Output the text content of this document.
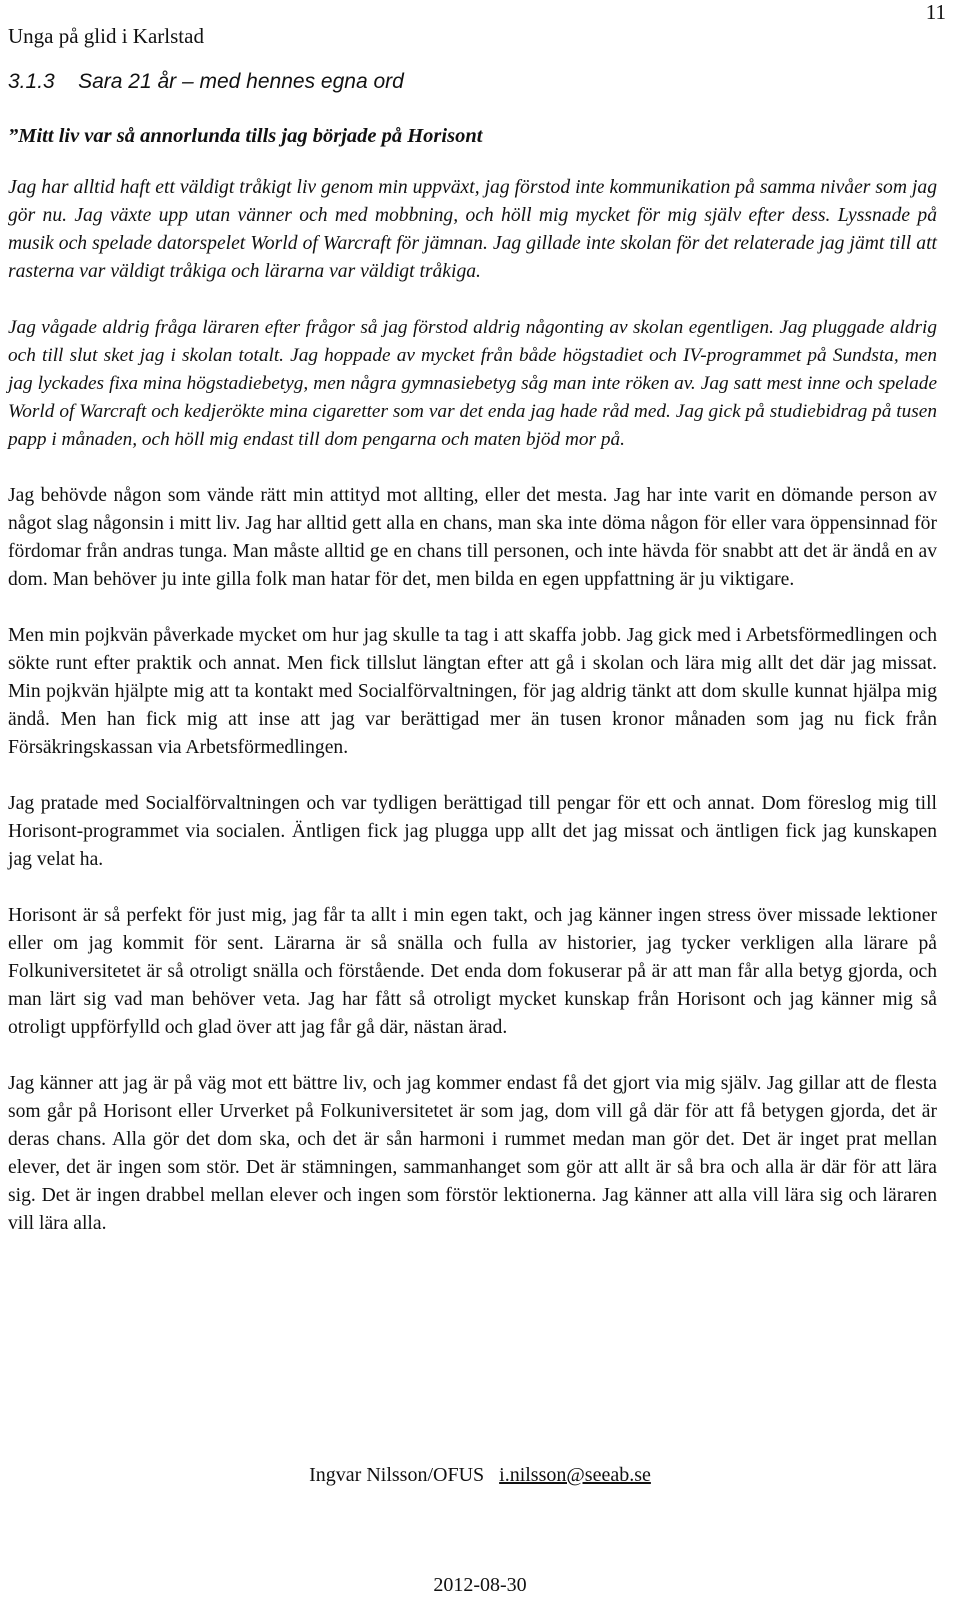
Unga på glid i Karlstad
11
3.1.3 Sara 21 år – med hennes egna ord
”Mitt liv var så annorlunda tills jag började på Horisont

Jag har alltid haft ett väldigt tråkigt liv genom min uppväxt, jag förstod inte kommunikation på samma nivåer som jag gör nu. Jag växte upp utan vänner och med mobbning, och höll mig mycket för mig själv efter dess. Lyssnade på musik och spelade datorspelet World of Warcraft för jämnan. Jag gillade inte skolan för det relaterade jag jämt till att rasterna var väldigt tråkiga och lärarna var väldigt tråkiga.

Jag vågade aldrig fråga läraren efter frågor så jag förstod aldrig någonting av skolan egentligen. Jag pluggade aldrig och till slut sket jag i skolan totalt. Jag hoppade av mycket från både högstadiet och IV-programmet på Sundsta, men jag lyckades fixa mina högstadiebetyg, men några gymnasiebetyg såg man inte röken av. Jag satt mest inne och spelade World of Warcraft och kedjerökte mina cigaretter som var det enda jag hade råd med. Jag gick på studiebidrag på tusen papp i månaden, och höll mig endast till dom pengarna och maten bjöd mor på.

Jag behövde någon som vände rätt min attityd mot allting, eller det mesta. Jag har inte varit en dömande person av något slag någonsin i mitt liv. Jag har alltid gett alla en chans, man ska inte döma någon för eller vara öppensinnad för fördomar från andras tunga. Man måste alltid ge en chans till personen, och inte hävda för snabbt att det är ändå en av dom. Man behöver ju inte gilla folk man hatar för det, men bilda en egen uppfattning är ju viktigare.

Men min pojkvän påverkade mycket om hur jag skulle ta tag i att skaffa jobb. Jag gick med i Arbetsförmedlingen och sökte runt efter praktik och annat. Men fick tillslut längtan efter att gå i skolan och lära mig allt det där jag missat. Min pojkvän hjälpte mig att ta kontakt med Socialförvaltningen, för jag aldrig tänkt att dom skulle kunnat hjälpa mig ändå. Men han fick mig att inse att jag var berättigad mer än tusen kronor månaden som jag nu fick från Försäkringskassan via Arbetsförmedlingen.

Jag pratade med Socialförvaltningen och var tydligen berättigad till pengar för ett och annat. Dom föreslog mig till Horisont-programmet via socialen. Äntligen fick jag plugga upp allt det jag missat och äntligen fick jag kunskapen jag velat ha.

Horisont är så perfekt för just mig, jag får ta allt i min egen takt, och jag känner ingen stress över missade lektioner eller om jag kommit för sent. Lärarna är så snälla och fulla av historier, jag tycker verkligen alla lärare på Folkuniversitetet är så otroligt snälla och förstående. Det enda dom fokuserar på är att man får alla betyg gjorda, och man lärt sig vad man behöver veta. Jag har fått så otroligt mycket kunskap från Horisont och jag känner mig så otroligt uppförfylld och glad över att jag får gå där, nästan ärad.

Jag känner att jag är på väg mot ett bättre liv, och jag kommer endast få det gjort via mig själv. Jag gillar att de flesta som går på Horisont eller Urverket på Folkuniversitetet är som jag, dom vill gå där för att få betygen gjorda, det är deras chans. Alla gör det dom ska, och det är sån harmoni i rummet medan man gör det. Det är inget prat mellan elever, det är ingen som stör. Det är stämningen, sammanhanget som gör att allt är så bra och alla är där för att lära sig. Det är ingen drabbel mellan elever och ingen som förstör lektionerna. Jag känner att alla vill lära sig och läraren vill lära alla.

Ingvar Nilsson/OFUS i.nilsson@seeab.se
2012-08-30
